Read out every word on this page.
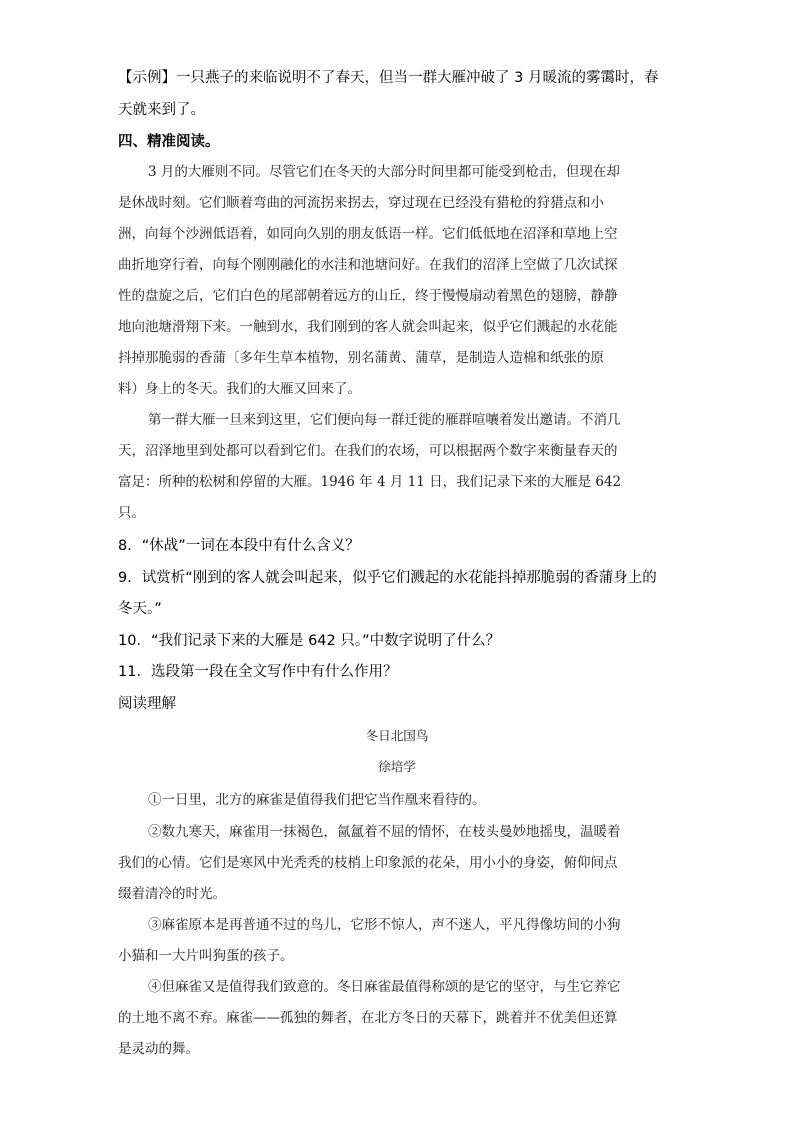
【示例】一只燕子的来临说明不了春天，但当一群大雁冲破了 3 月暖流的雾霭时，春
天就来到了。
四、精准阅读。
3 月的大雁则不同。尽管它们在冬天的大部分时间里都可能受到枪击，但现在却
是休战时刻。它们顺着弯曲的河流拐来拐去，穿过现在已经没有猎枪的狩猎点和小
洲，向每个沙洲低语着，如同向久别的朋友低语一样。它们低低地在沼泽和草地上空
曲折地穿行着，向每个刚刚融化的水洼和池塘问好。在我们的沼泽上空做了几次试探
性的盘旋之后，它们白色的尾部朝着远方的山丘，终于慢慢扇动着黑色的翅膀，静静
地向池塘滑翔下来。一触到水，我们刚到的客人就会叫起来，似乎它们溅起的水花能
抖掉那脆弱的香蒲〔多年生草本植物，别名蒲黄、蒲草，是制造人造棉和纸张的原
料）身上的冬天。我们的大雁又回来了。
第一群大雁一旦来到这里，它们便向每一群迁徙的雁群喧嚷着发出邀请。不消几
天，沼泽地里到处都可以看到它们。在我们的农场，可以根据两个数字来衡量春天的
富足：所种的松树和停留的大雁。1946 年 4 月 11 日，我们记录下来的大雁是 642
只。
8．“休战”一词在本段中有什么含义？
9．试赏析“刚到的客人就会叫起来，似乎它们溅起的水花能抖掉那脆弱的香蒲身上的
冬天。”
10．“我们记录下来的大雁是 642 只。”中数字说明了什么？
11．选段第一段在全文写作中有什么作用？
阅读理解
冬日北国鸟
徐培学
①一日里，北方的麻雀是值得我们把它当作凰来看待的。
②数九寒天，麻雀用一抹褐色，氤氲着不屈的情怀，在枝头曼妙地摇曳，温暖着
我们的心情。它们是寒风中光秃秃的枝梢上印象派的花朵，用小小的身姿，俯仰间点
缀着清冷的时光。
③麻雀原本是再普通不过的鸟儿，它形不惊人，声不迷人，平凡得像坊间的小狗
小猫和一大片叫狗蛋的孩子。
④但麻雀又是值得我们致意的。冬日麻雀最值得称颂的是它的坚守，与生它养它
的土地不离不弃。麻雀——孤独的舞者，在北方冬日的天幕下，跳着并不优美但还算
是灵动的舞。
